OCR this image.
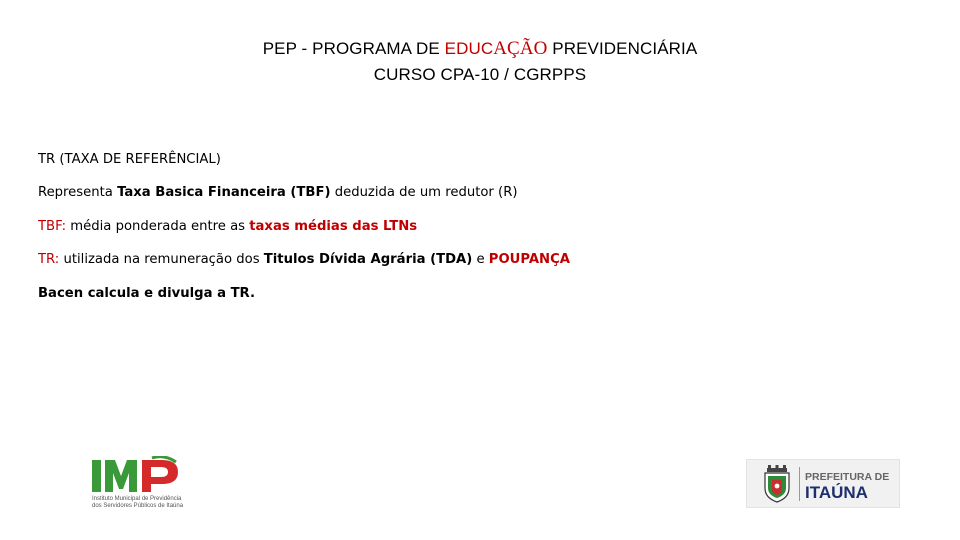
PEP - PROGRAMA DE EDUCAÇÃO PREVIDENCIÁRIA
CURSO CPA-10 / CGRPPS
TR (TAXA DE REFERÊNCIAL)
Representa Taxa Basica Financeira (TBF) deduzida de um redutor (R)
TBF: média ponderada entre as taxas médias das LTNs
TR: utilizada na remuneração dos Titulos Dívida Agrária (TDA) e POUPANÇA
Bacen calcula e divulga a TR.
Instituto Municipal de Previdência
dos Servidores Públicos de Itaúna
PREFEITURA DE
ITAÚNA
